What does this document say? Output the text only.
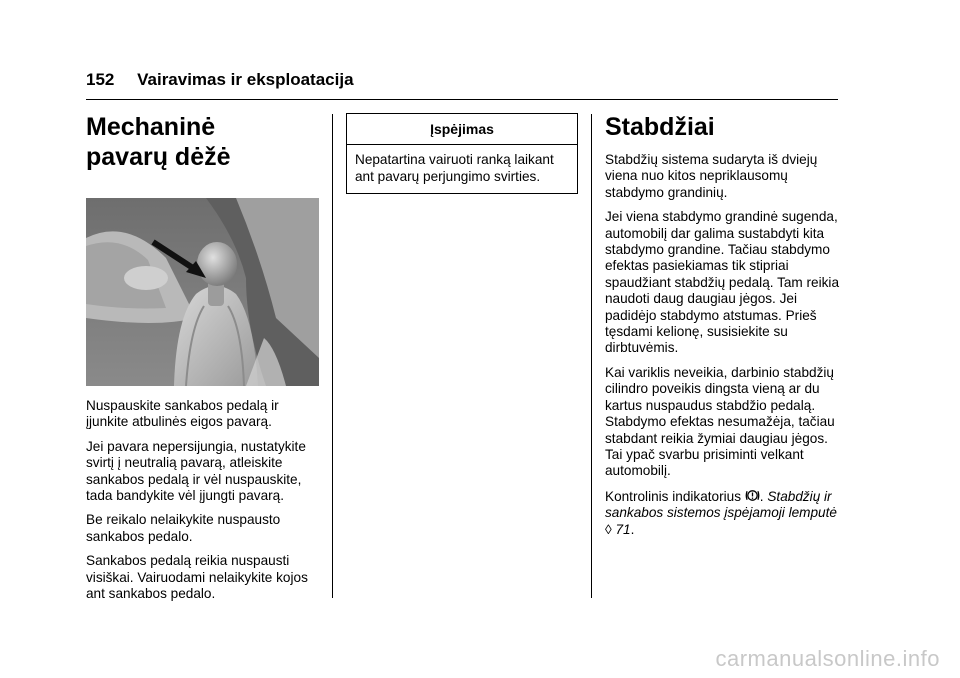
152 Vairavimas ir eksploatacija
Mechaninė
pavarų dėžė

Nuspauskite sankabos pedalą ir įjunkite atbulinės eigos pavarą.

Jei pavara nepersijungia, nustatykite svirtį į neutralią pavarą, atleiskite sankabos pedalą ir vėl nuspauskite, tada bandykite vėl įjungti pavarą.

Be reikalo nelaikykite nuspausto sankabos pedalo.

Sankabos pedalą reikia nuspausti visiškai. Vairuodami nelaikykite kojos ant sankabos pedalo.

Įspėjimas
Nepatartina vairuoti ranką laikant ant pavarų perjungimo svirties.
Stabdžiai

Stabdžių sistema sudaryta iš dviejų viena nuo kitos nepriklausomų stabdymo grandinių.

Jei viena stabdymo grandinė sugenda, automobilį dar galima sustabdyti kita stabdymo grandine. Tačiau stabdymo efektas pasiekiamas tik stipriai spaudžiant stabdžių pedalą. Tam reikia naudoti daug daugiau jėgos. Jei padidėjo stabdymo atstumas. Prieš tęsdami kelionę, susisiekite su dirbtuvėmis.

Kai variklis neveikia, darbinio stabdžių cilindro poveikis dingsta vieną ar du kartus nuspaudus stabdžio pedalą. Stabdymo efektas nesumažėja, tačiau stabdant reikia žymiai daugiau jėgos. Tai ypač svarbu prisiminti velkant automobilį.

Kontrolinis indikatorius . Stabdžių ir sankabos sistemos įspėjamoji lemputė ◊ 71.

carmanualsonline.info
